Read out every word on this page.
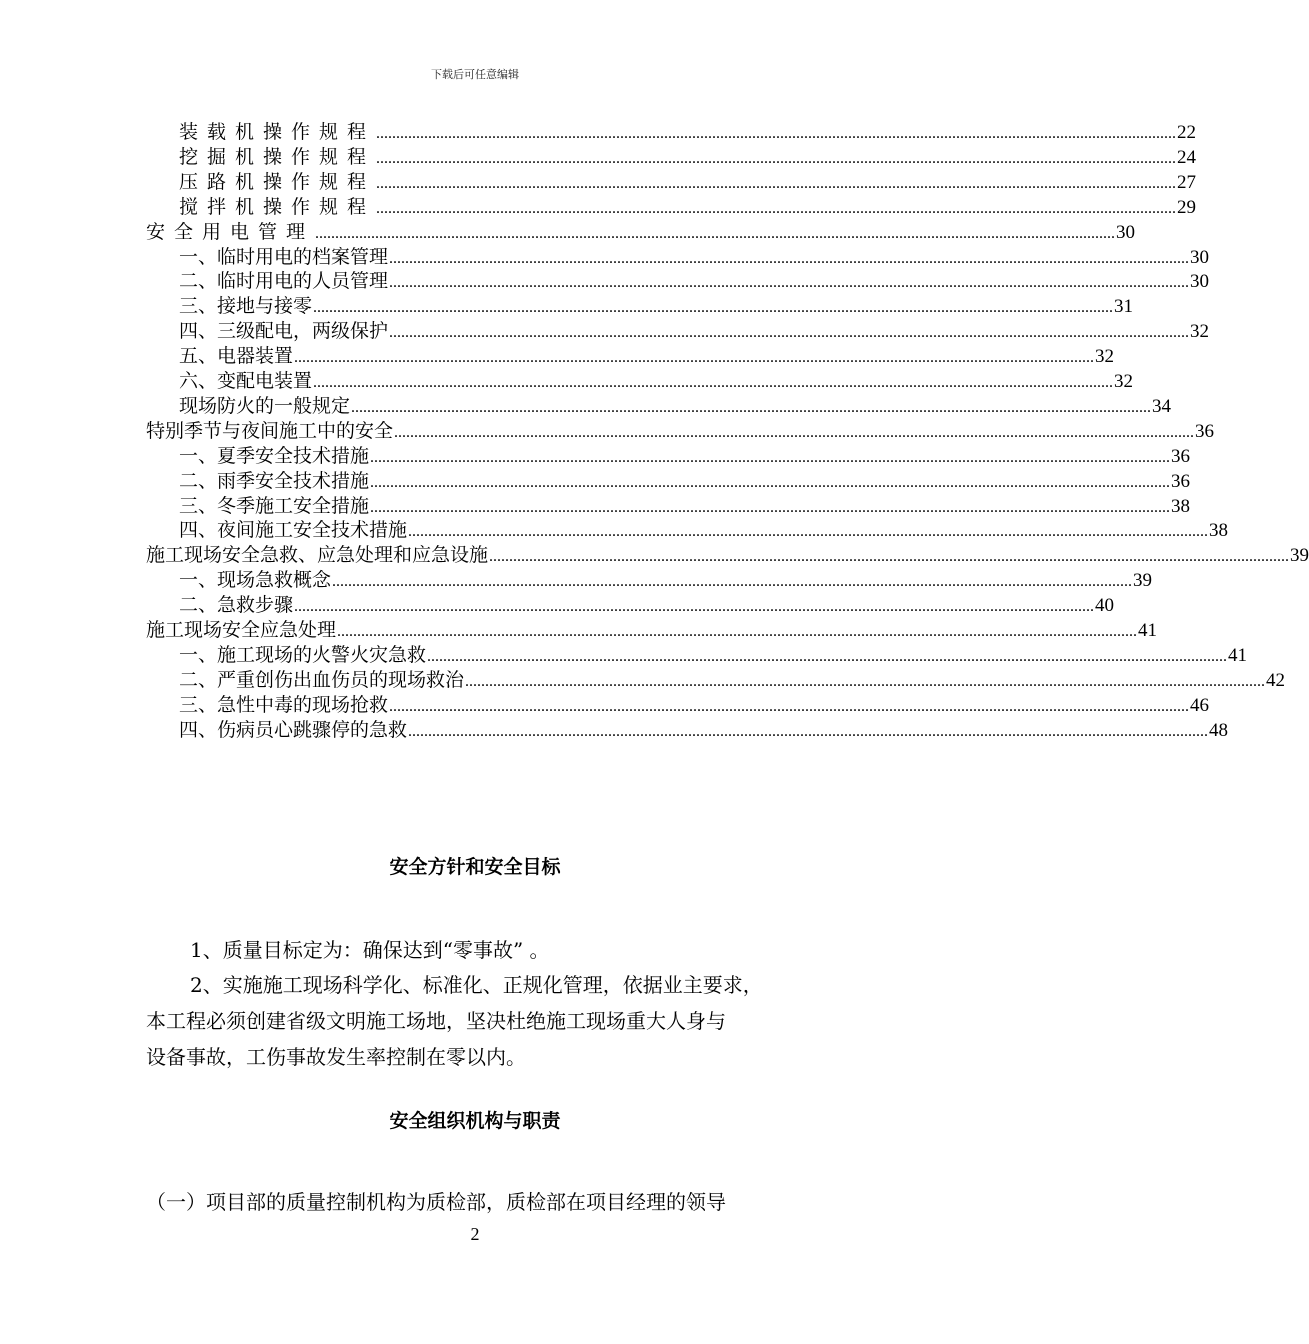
下载后可任意编辑
装载机操作规程 ........................................................................................................................................................................................................ 22
挖掘机操作规程 ........................................................................................................................................................................................................ 24
压路机操作规程 ........................................................................................................................................................................................................ 27
搅拌机操作规程 ........................................................................................................................................................................................................ 29
安全用电管理 ........................................................................................................................................................................................................ 30
一、临时用电的档案管理 ........................................................................................................................................................................................................ 30
二、临时用电的人员管理 ........................................................................................................................................................................................................ 30
三、接地与接零 ........................................................................................................................................................................................................ 31
四、三级配电，两级保护 ........................................................................................................................................................................................................ 32
五、电器装置 ........................................................................................................................................................................................................ 32
六、变配电装置 ........................................................................................................................................................................................................ 32
现场防火的一般规定 ........................................................................................................................................................................................................ 34
特别季节与夜间施工中的安全 ........................................................................................................................................................................................................ 36
一、夏季安全技术措施 ........................................................................................................................................................................................................ 36
二、雨季安全技术措施 ........................................................................................................................................................................................................ 36
三、冬季施工安全措施 ........................................................................................................................................................................................................ 38
四、夜间施工安全技术措施 ........................................................................................................................................................................................................ 38
施工现场安全急救、应急处理和应急设施 ........................................................................................................................................................................................................ 39
一、现场急救概念 ........................................................................................................................................................................................................ 39
二、急救步骤 ........................................................................................................................................................................................................ 40
施工现场安全应急处理 ........................................................................................................................................................................................................ 41
一、施工现场的火警火灾急救 ........................................................................................................................................................................................................ 41
二、严重创伤出血伤员的现场救治 ........................................................................................................................................................................................................ 42
三、急性中毒的现场抢救 ........................................................................................................................................................................................................ 46
四、伤病员心跳骤停的急救 ........................................................................................................................................................................................................ 48
安全方针和安全目标
1、质量目标定为：确保达到“零事故” 。
2、实施施工现场科学化、标准化、正规化管理，依据业主要求，
本工程必须创建省级文明施工场地，坚决杜绝施工现场重大人身与
设备事故，工伤事故发生率控制在零以内。
安全组织机构与职责
（一）项目部的质量控制机构为质检部，质检部在项目经理的领导
2
